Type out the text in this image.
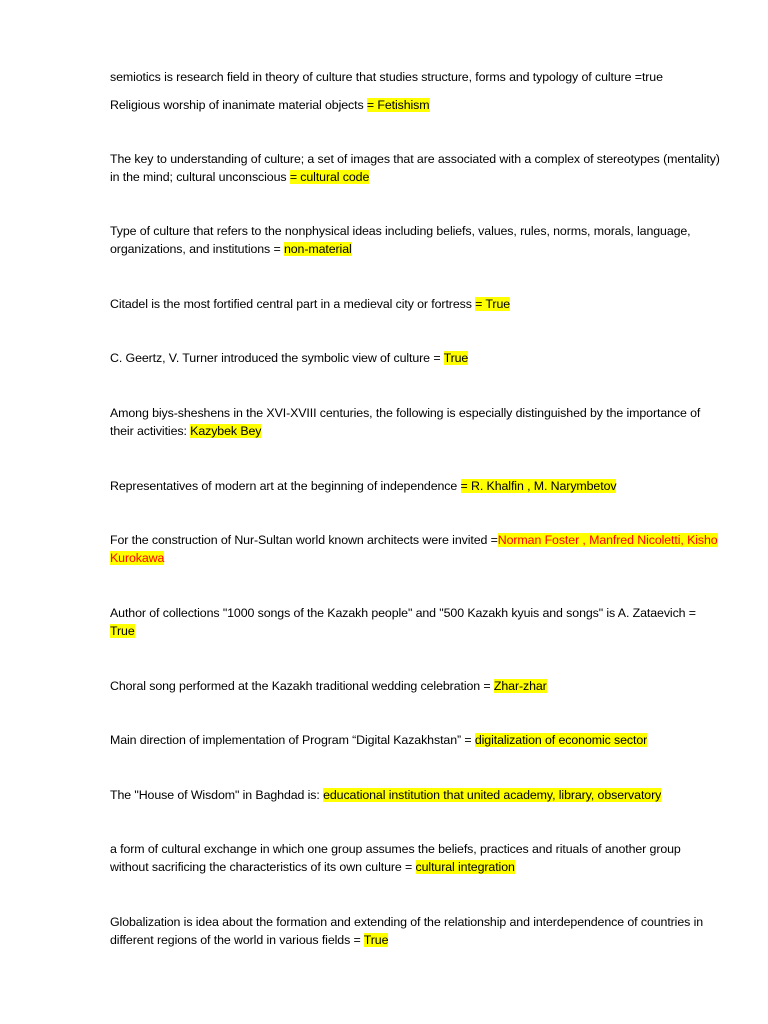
semiotics is research field in theory of culture that studies structure, forms and typology of culture =true
Religious worship of inanimate material objects = Fetishism
The key to understanding of culture; a set of images that are associated with a complex of stereotypes (mentality) in the mind; cultural unconscious = cultural code
Type of culture that refers to the nonphysical ideas including beliefs, values, rules, norms, morals, language, organizations, and institutions = non-material
Citadel is the most fortified central part in a medieval city or fortress = True
C. Geertz, V. Turner introduced the symbolic view of culture = True
Among biys-sheshens in the XVI-XVIII centuries, the following is especially distinguished by the importance of their activities: Kazybek Bey
Representatives of modern art at the beginning of independence = R. Khalfin , M. Narymbetov
For the construction of Nur-Sultan world known architects were invited =Norman Foster , Manfred Nicoletti, Kisho Kurokawa
Author of collections "1000 songs of the Kazakh people" and "500 Kazakh kyuis and songs" is A. Zataevich = True
Choral song performed at the Kazakh traditional wedding celebration = Zhar-zhar
Main direction of implementation of Program “Digital Kazakhstan” = digitalization of economic sector
The "House of Wisdom" in Baghdad is: educational institution that united academy, library, observatory
a form of cultural exchange in which one group assumes the beliefs, practices and rituals of another group without sacrificing the characteristics of its own culture = cultural integration
Globalization is idea about the formation and extending of the relationship and interdependence of countries in different regions of the world in various fields = True
